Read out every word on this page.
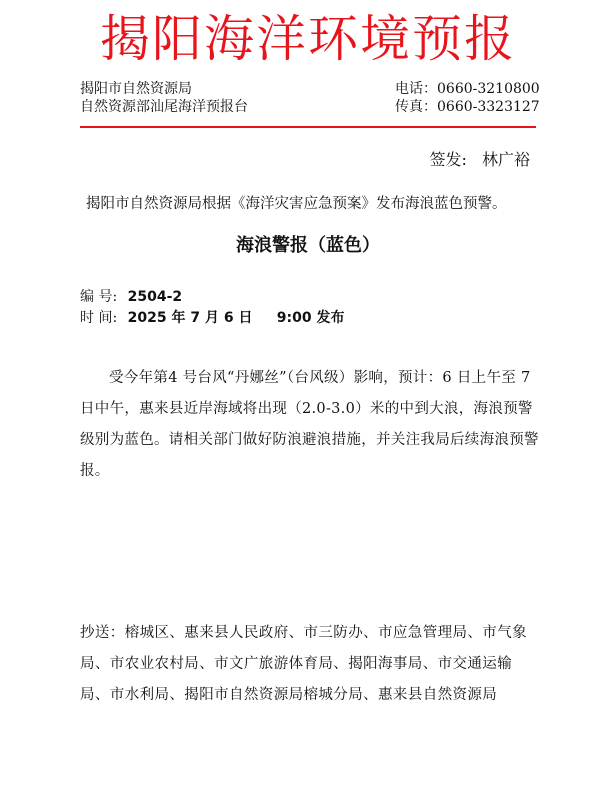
揭阳海洋环境预报
揭阳市自然资源局
自然资源部汕尾海洋预报台
电话：0660-3210800
传真：0660-3323127
签发: 林广裕
揭阳市自然资源局根据《海洋灾害应急预案》发布海浪蓝色预警。
海浪警报（蓝色）
编 号: 2504-2
时 间: 2025 年 7 月 6 日     9:00 发布
受今年第4 号台风“丹娜丝”（台风级）影响，预计：6 日上午至 7 日中午，惠来县近岸海域将出现（2.0-3.0）米的中到大浪，海浪预警级别为蓝色。请相关部门做好防浪避浪措施，并关注我局后续海浪预警报。
抄送：榕城区、惠来县人民政府、市三防办、市应急管理局、市气象局、市农业农村局、市文广旅游体育局、揭阳海事局、市交通运输局、市水利局、揭阳市自然资源局榕城分局、惠来县自然资源局
